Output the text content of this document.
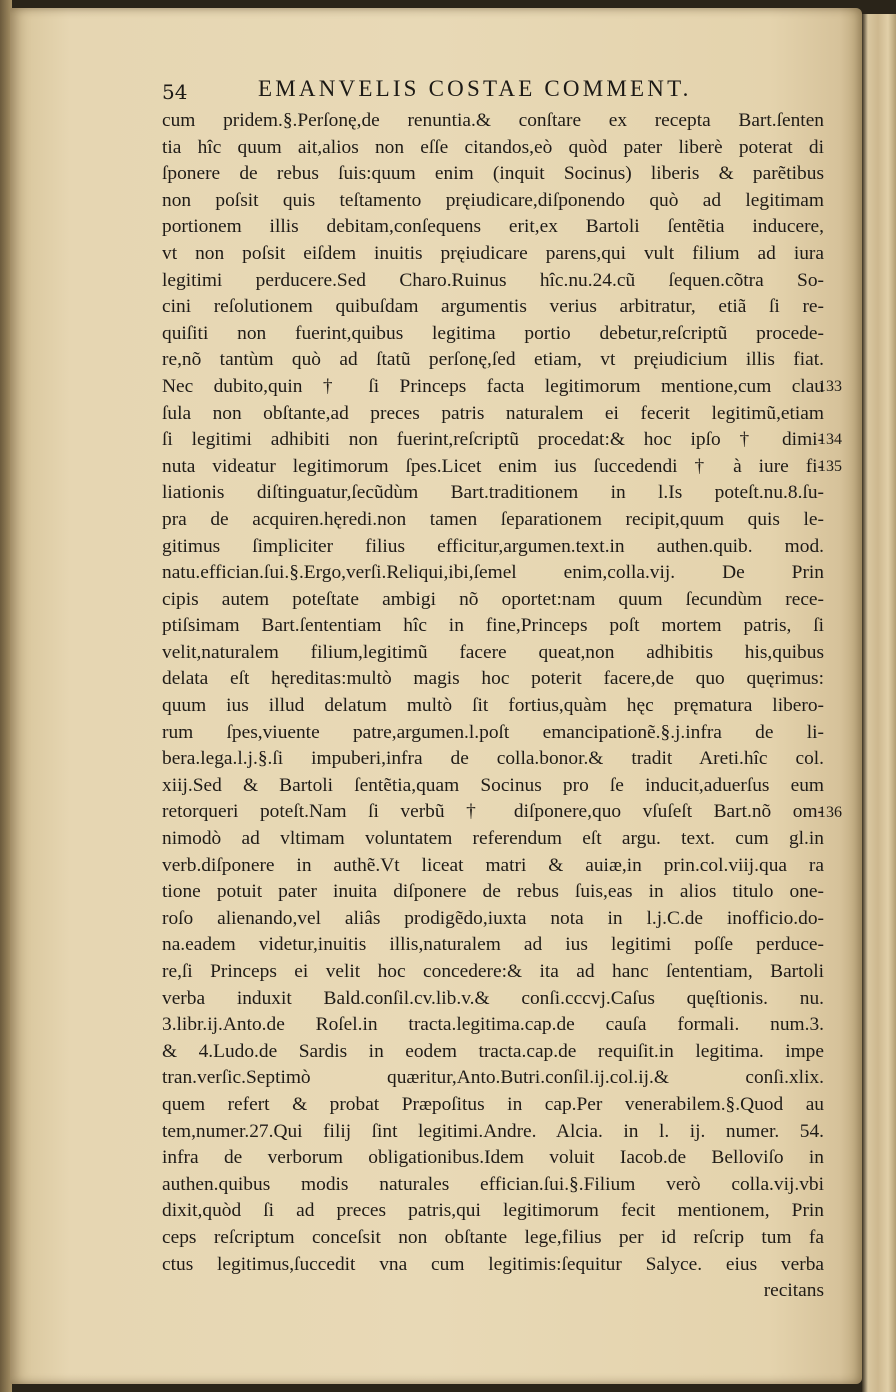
54	EMANVELIS COSTAE COMMENT.
cum pridem.§.Perſonę,de renuntia.& conſtare ex recepta Bart.ſenten
tia hîc quum ait,alios non eſſe citandos,eò quòd pater liberè poterat di
ſponere de rebus ſuis:quum enim (inquit Socinus) liberis & parẽtibus
non poſsit quis teſtamento pręiudicare,diſponendo quò ad legitimam
portionem illis debitam,conſequens erit,ex Bartoli ſentẽtia inducere,
vt non poſsit eiſdem inuitis pręiudicare parens,qui vult filium ad iura
legitimi perducere.Sed Charo.Ruinus hîc.nu.24.cũ ſequen.cõtra So-
cini reſolutionem quibuſdam argumentis verius arbitratur, etiã ſi re-
quiſiti non fuerint,quibus legitima portio debetur,reſcriptũ procede-
re,nõ tantùm quò ad ſtatũ perſonę,ſed etiam, vt pręiudicium illis fiat.
Nec dubito,quin † ſi Princeps facta legitimorum mentione,cum clau
ſula non obſtante,ad preces patris naturalem ei fecerit legitimũ,etiam
ſi legitimi adhibiti non fuerint,reſcriptũ procedat:& hoc ipſo † dimi-
nuta videatur legitimorum ſpes.Licet enim ius ſuccedendi † à iure fi-
liationis diſtinguatur,ſecũdùm Bart.traditionem in l.Is poteſt.nu.8.ſu-
pra de acquiren.hęredi.non tamen ſeparationem recipit,quum quis le-
gitimus ſimpliciter filius efficitur,argumen.text.in authen.quib. mod.
natu.effician.ſui.§.Ergo,verſi.Reliqui,ibi,ſemel enim,colla.vij. De Prin
cipis autem poteſtate ambigi nõ oportet:nam quum ſecundùm rece-
ptiſsimam Bart.ſententiam hîc in fine,Princeps poſt mortem patris, ſi
velit,naturalem filium,legitimũ facere queat,non adhibitis his,quibus
delata eſt hęreditas:multò magis hoc poterit facere,de quo quęrimus:
quum ius illud delatum multò ſit fortius,quàm hęc pręmatura libero-
rum ſpes,viuente patre,argumen.l.poſt emancipationẽ.§.j.infra de li-
bera.lega.l.j.§.ſi impuberi,infra de colla.bonor.& tradit Areti.hîc col.
xiij.Sed & Bartoli ſentẽtia,quam Socinus pro ſe inducit,aduerſus eum
retorqueri poteſt.Nam ſi verbũ † diſponere,quo vſuſeſt Bart.nõ om-
nimodò ad vltimam voluntatem referendum eſt argu. text. cum gl.in
verb.diſponere in authẽ.Vt liceat matri & auiæ,in prin.col.viij.qua ra
tione potuit pater inuita diſponere de rebus ſuis,eas in alios titulo one-
roſo alienando,vel aliâs prodigẽdo,iuxta nota in l.j.C.de inofficio.do-
na.eadem videtur,inuitis illis,naturalem ad ius legitimi poſſe perduce-
re,ſi Princeps ei velit hoc concedere:& ita ad hanc ſententiam, Bartoli
verba induxit Bald.conſil.cv.lib.v.& conſi.cccvj.Caſus quęſtionis. nu.
3.libr.ij.Anto.de Roſel.in tracta.legitima.cap.de cauſa formali. num.3.
& 4.Ludo.de Sardis in eodem tracta.cap.de requiſit.in legitima. impe
tran.verſic.Septimò quæritur,Anto.Butri.conſil.ij.col.ij.& conſi.xlix.
quem refert & probat Præpoſitus in cap.Per venerabilem.§.Quod au
tem,numer.27.Qui filij ſint legitimi.Andre. Alcia. in l. ij. numer. 54.
infra de verborum obligationibus.Idem voluit Iacob.de Belloviſo in
authen.quibus modis naturales effician.ſui.§.Filium verò colla.vij.vbi
dixit,quòd ſi ad preces patris,qui legitimorum fecit mentionem, Prin
ceps reſcriptum conceſsit non obſtante lege,filius per id reſcrip tum fa
ctus legitimus,ſuccedit vna cum legitimis:ſequitur Salyce. eius verba
recitans
133
134
135
136
